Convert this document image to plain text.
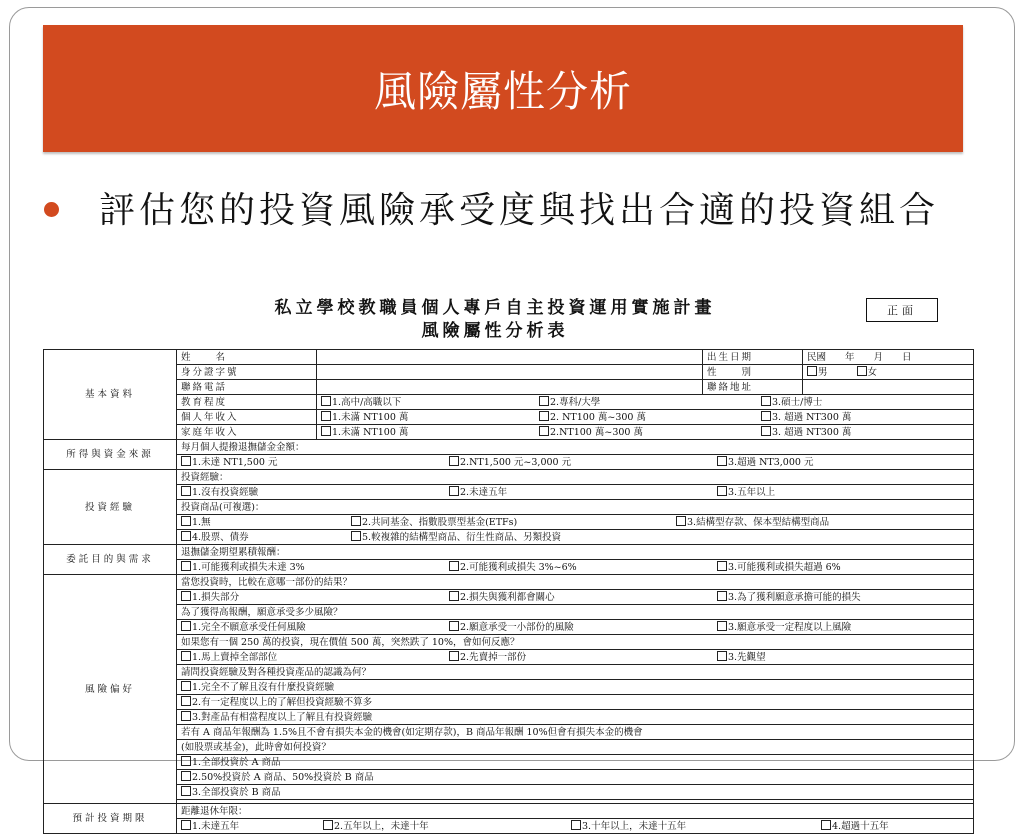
風險屬性分析
評估您的投資風險承受度與找出合適的投資組合
私立學校教職員個人專戶自主投資運用實施計畫
風險屬性分析表
正面
基本資料	姓　　名		出生日期	民國　　年　　月　　日
	身分證字號		性　　別	男 女
	聯絡電話		聯絡地址	
	教育程度	1.高中/高職以下 2.專科/大學 3.碩士/博士		
	個人年收入	1.未滿 NT100 萬 2. NT100 萬~300 萬 3. 超過 NT300 萬		
	家庭年收入	1.未滿 NT100 萬 2.NT100 萬~300 萬 3. 超過 NT300 萬		
所得與資金來源	每月個人提撥退撫儲金金額：			
	1.未達 NT1,500 元 2.NT1,500 元~3,000 元 3.超過 NT3,000 元			
投資經驗	投資經驗：			
	1.沒有投資經驗 2.未達五年 3.五年以上			
	投資商品(可複選)：			
	1.無 2.共同基金、指數股票型基金(ETFs) 3.結構型存款、保本型結構型商品			
	4.股票、債券 5.較複雜的結構型商品、衍生性商品、另類投資			
委託目的與需求	退撫儲金期望累積報酬：			
	1.可能獲利或損失未達 3% 2.可能獲利或損失 3%~6% 3.可能獲利或損失超過 6%			
風險偏好	當您投資時，比較在意哪一部份的結果？			
	1.損失部分 2.損失與獲利都會關心 3.為了獲利願意承擔可能的損失			
	為了獲得高報酬，願意承受多少風險？			
	1.完全不願意承受任何風險 2.願意承受一小部份的風險 3.願意承受一定程度以上風險			
	如果您有一個 250 萬的投資，現在價值 500 萬，突然跌了 10%，會如何反應？			
	1.馬上賣掉全部部位 2.先賣掉一部份 3.先觀望			
	請問投資經驗及對各種投資產品的認識為何？			
	1.完全不了解且沒有什麼投資經驗			
	2.有一定程度以上的了解但投資經驗不算多			
	3.對產品有相當程度以上了解且有投資經驗			
	若有 A 商品年報酬為 1.5%且不會有損失本金的機會(如定期存款)，B 商品年報酬 10%但會有損失本金的機會			
	(如股票或基金)，此時會如何投資？			
	1.全部投資於 A 商品			
	2.50%投資於 A 商品、50%投資於 B 商品			
	3.全部投資於 B 商品			

預計投資期限	距離退休年限：			
	1.未達五年 2.五年以上，未達十年 3.十年以上，未達十五年 4.超過十五年			
